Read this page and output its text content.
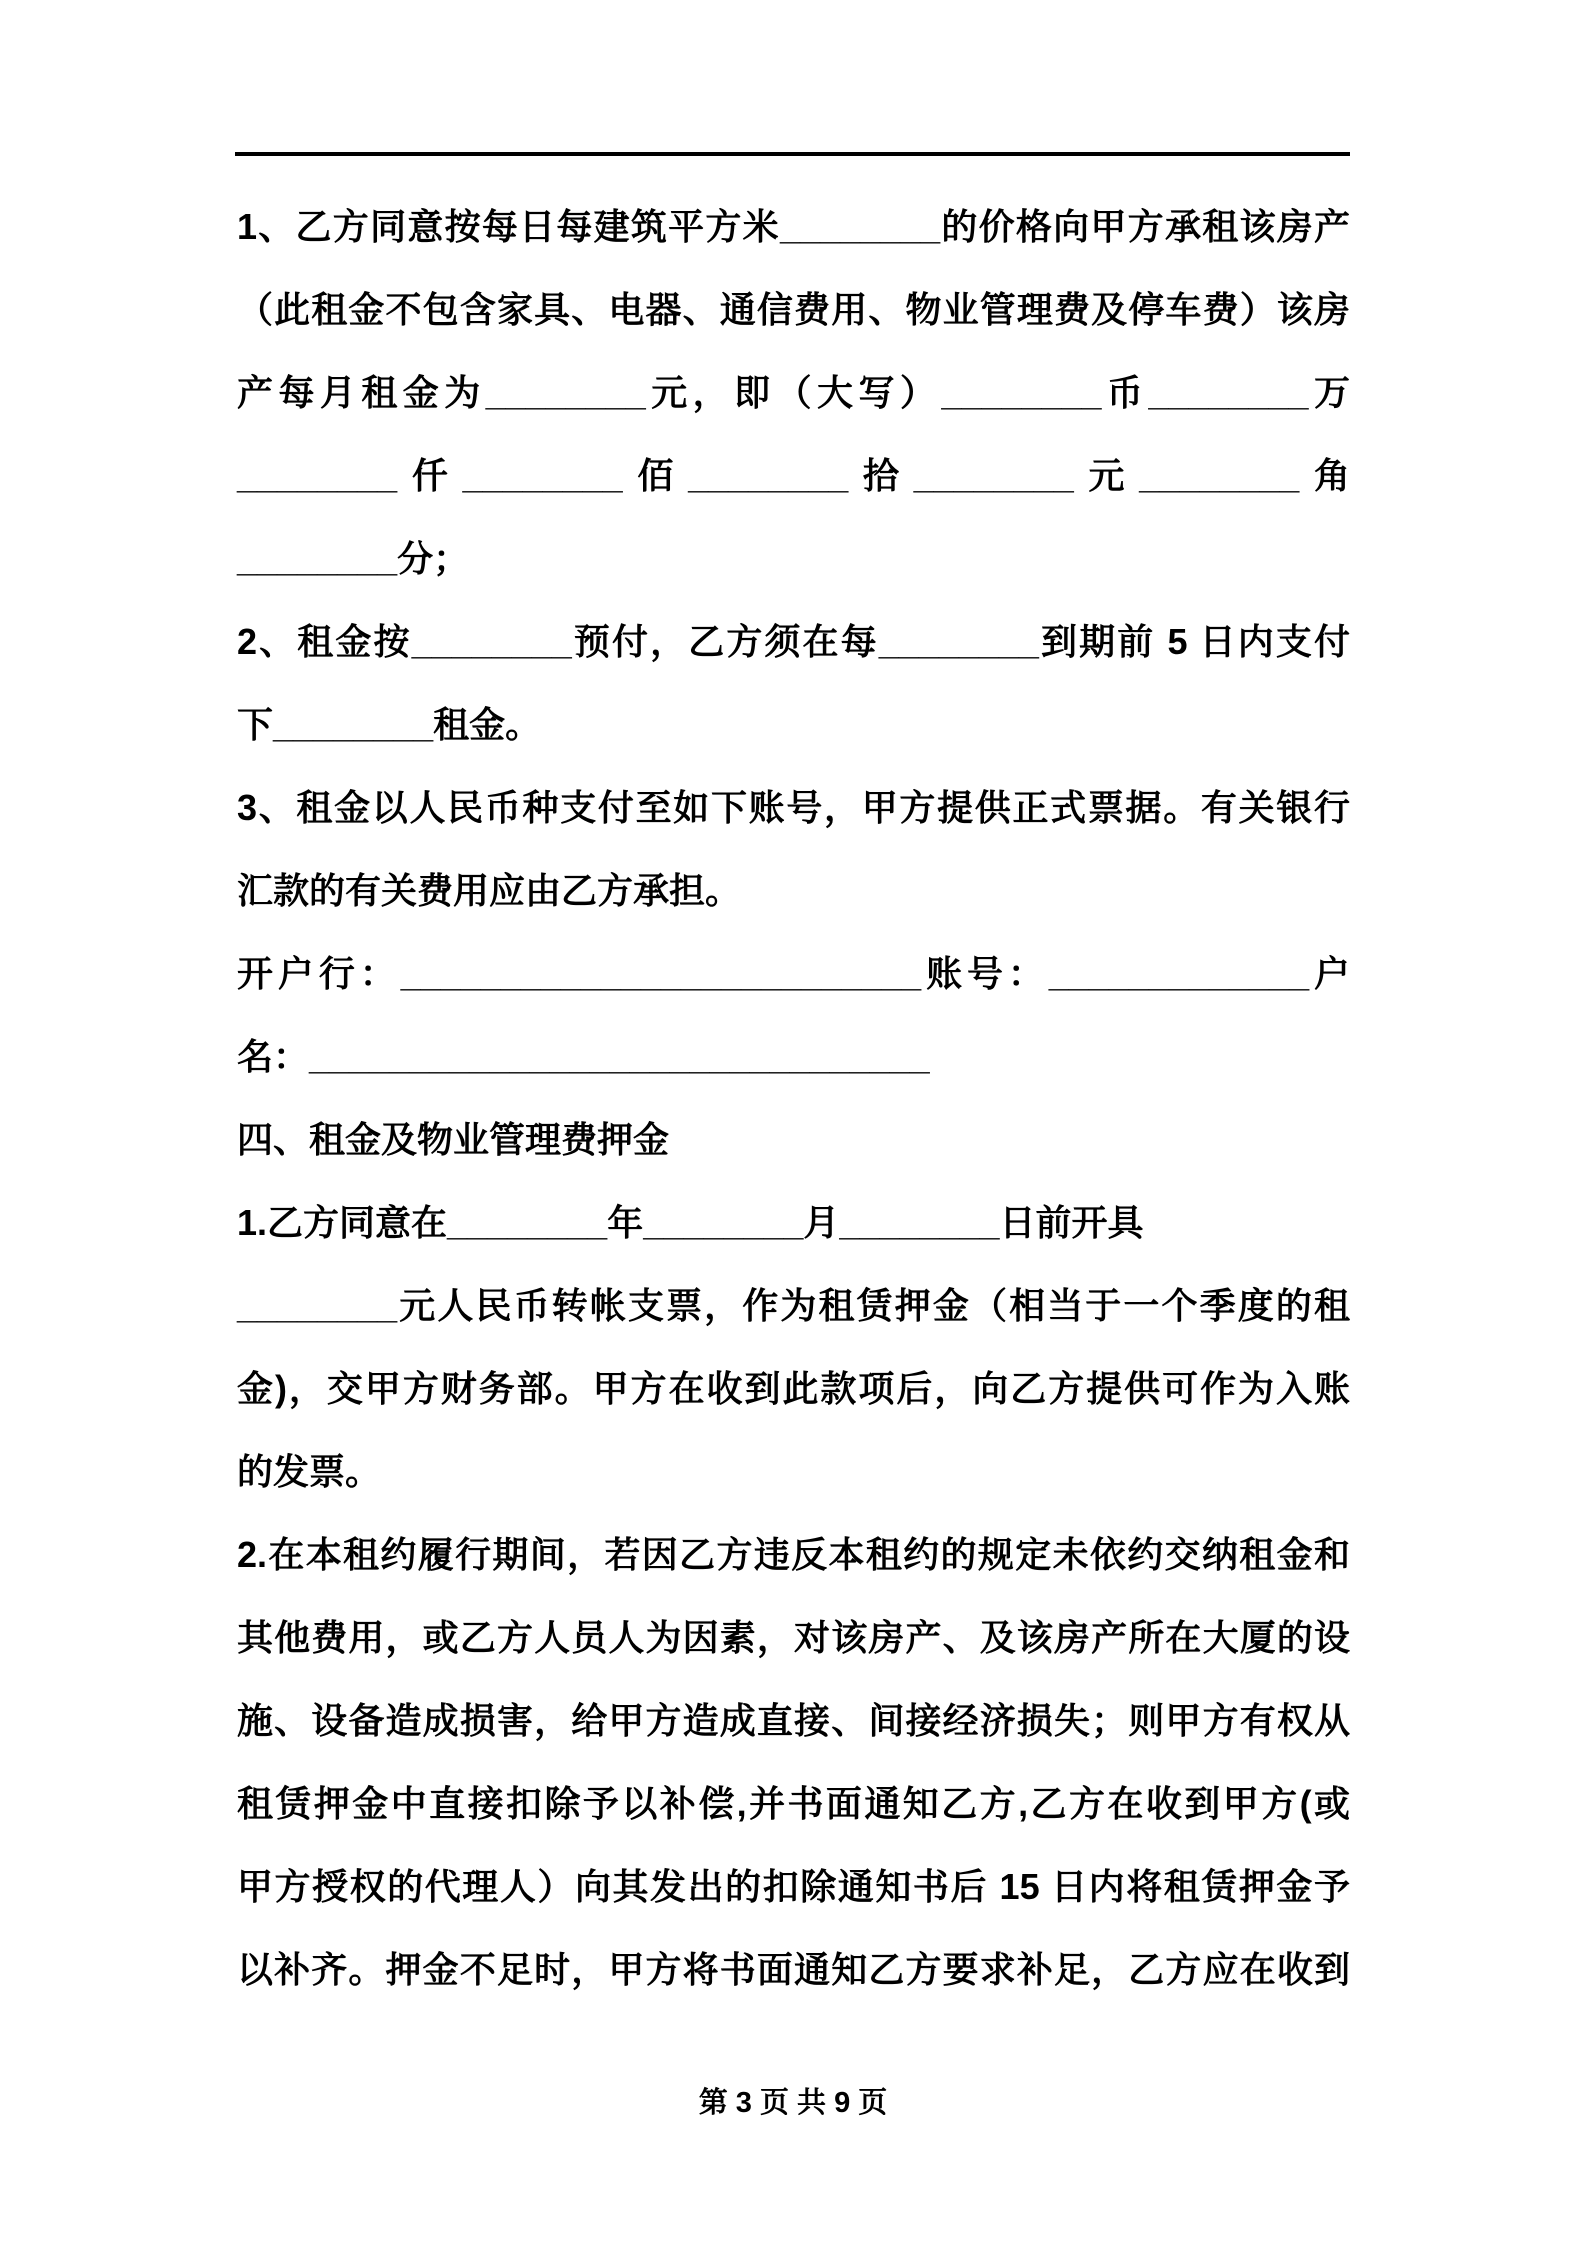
1、乙方同意按每日每建筑平方米________的价格向甲方承租该房产
（此租金不包含家具、电器、通信费用、物业管理费及停车费）该房
产每月租金为________元，即（大写）________币________万
________仟________佰________拾________元________角
________分；
2、租金按________预付，乙方须在每________到期前 5 日内支付
下________租金。
3、租金以人民币种支付至如下账号，甲方提供正式票据。有关银行
汇款的有关费用应由乙方承担。
开户行：__________________________账号：_____________户
名：_______________________________
四、租金及物业管理费押金
1.乙方同意在________年________月________日前开具
________元人民币转帐支票，作为租赁押金（相当于一个季度的租
金)，交甲方财务部。甲方在收到此款项后，向乙方提供可作为入账
的发票。
2.在本租约履行期间，若因乙方违反本租约的规定未依约交纳租金和
其他费用，或乙方人员人为因素，对该房产、及该房产所在大厦的设
施、设备造成损害，给甲方造成直接、间接经济损失；则甲方有权从
租赁押金中直接扣除予以补偿,并书面通知乙方,乙方在收到甲方(或
甲方授权的代理人）向其发出的扣除通知书后 15 日内将租赁押金予
以补齐。押金不足时，甲方将书面通知乙方要求补足，乙方应在收到
第 3 页 共 9 页
